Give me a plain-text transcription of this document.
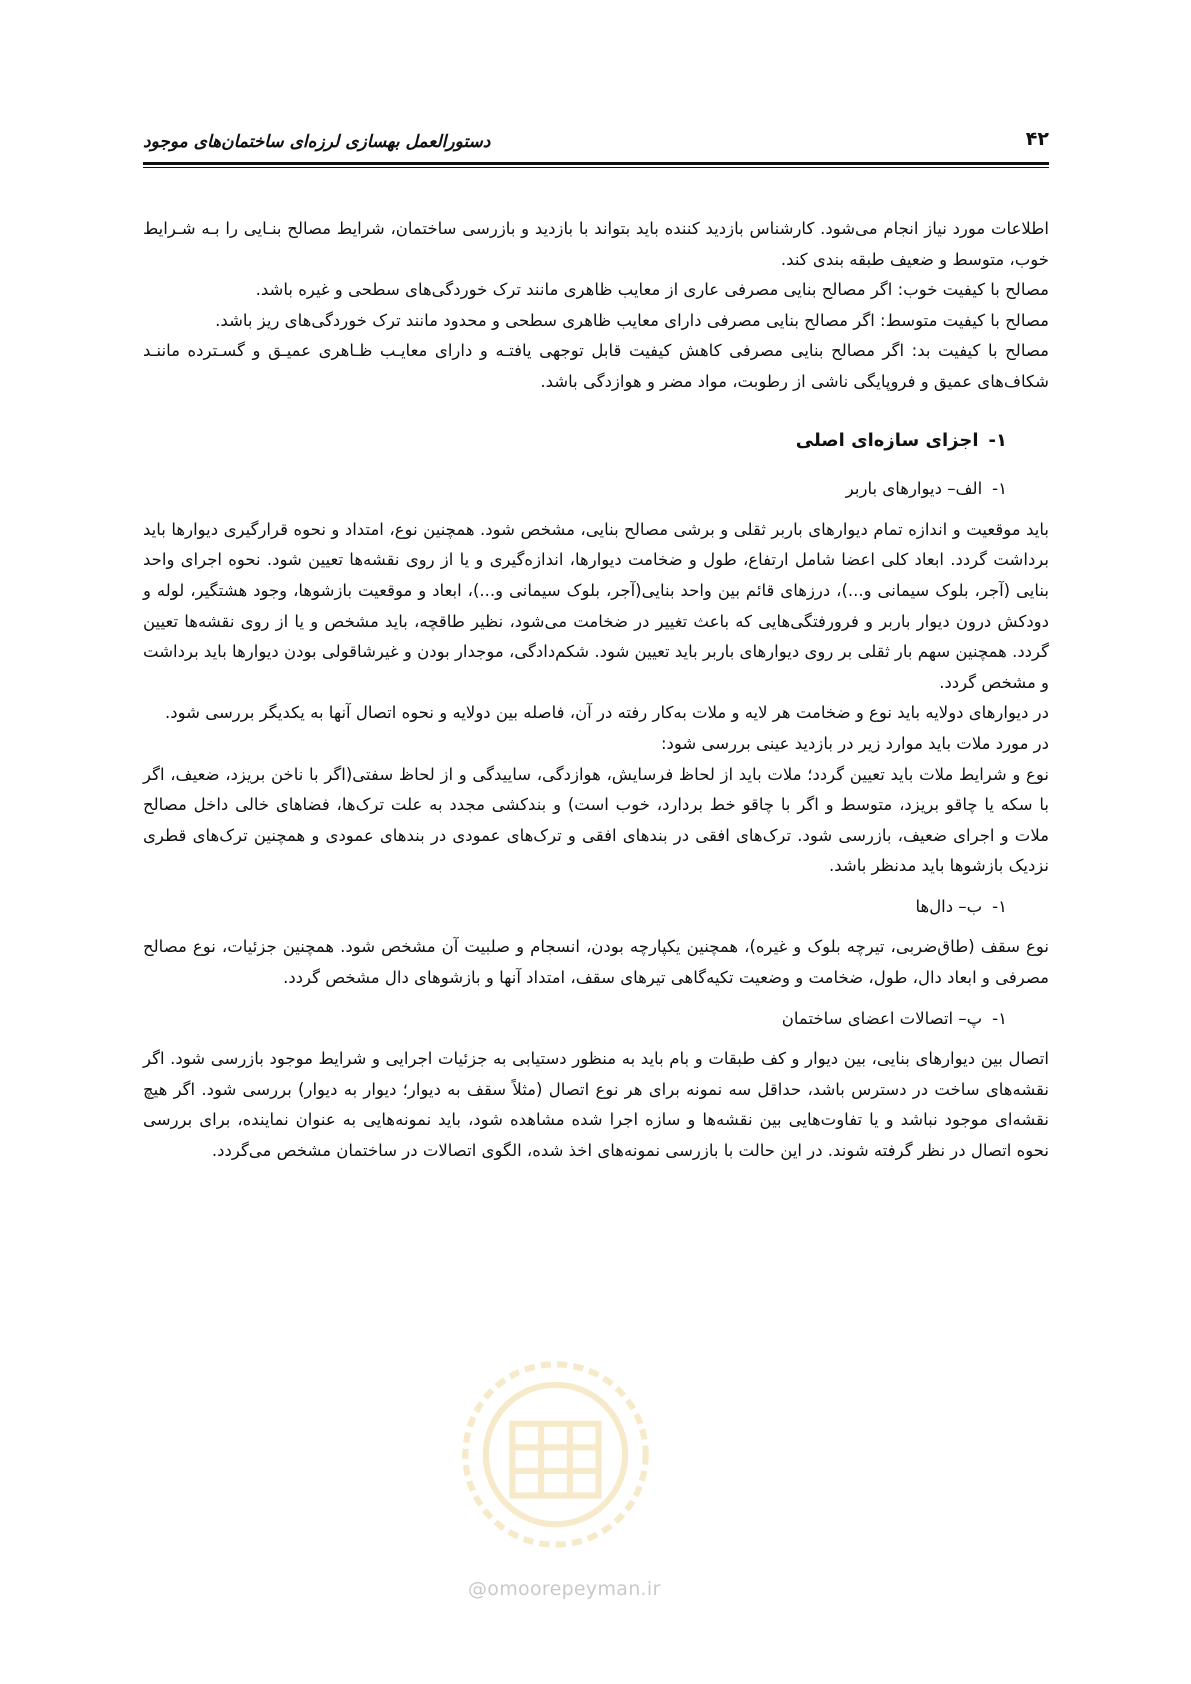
دستورالعمل بهسازی لرزه‌ای ساختمان‌های موجود	۴۲

اطلاعات مورد نیاز انجام می‌شود. کارشناس بازدید کننده باید بتواند با بازدید و بازرسی ساختمان، شرایط مصالح بنـایی را بـه شـرایط خوب، متوسط و ضعیف طبقه بندی کند.

مصالح با کیفیت خوب: اگر مصالح بنایی مصرفی عاری از معایب ظاهری مانند ترک خوردگی‌های سطحی و غیره باشد.

مصالح با کیفیت متوسط: اگر مصالح بنایی مصرفی دارای معایب ظاهری سطحی و محدود مانند ترک خوردگی‌های ریز باشد.

مصالح با کیفیت بد: اگر مصالح بنایی مصرفی کاهش کیفیت قابل توجهی یافتـه و دارای معایـب ظـاهری عمیـق و گسـترده ماننـد شکاف‌های عمیق و فروپایگی ناشی از رطوبت، مواد مضر و هوازدگی باشد.

۱-اجزای سازه‌ای اصلی

۱-الف– دیوارهای باربر

باید موقعیت و اندازه تمام دیوارهای باربر ثقلی و برشی مصالح بنایی، مشخص شود. همچنین نوع، امتداد و نحوه قرارگیری دیوارها باید برداشت گردد. ابعاد کلی اعضا شامل ارتفاع، طول و ضخامت دیوارها، اندازه‌گیری و یا از روی نقشه‌ها تعیین شود. نحوه اجرای واحد بنایی (آجر، بلوک سیمانی و...)، درزهای قائم بین واحد بنایی(آجر، بلوک سیمانی و...)، ابعاد و موقعیت بازشوها، وجود هشتگیر، لوله و دودکش درون دیوار باربر و فرورفتگی‌هایی که باعث تغییر در ضخامت می‌شود، نظیر طاقچه، باید مشخص و یا از روی نقشه‌ها تعیین گردد. همچنین سهم بار ثقلی بر روی دیوارهای باربر باید تعیین شود. شکم‌دادگی، موجدار بودن و غیرشاقولی بودن دیوارها باید برداشت و مشخص گردد.

در دیوارهای دولایه باید نوع و ضخامت هر لایه و ملات به‌کار رفته در آن، فاصله بین دولایه و نحوه اتصال آنها به یکدیگر بررسی شود.

در مورد ملات باید موارد زیر در بازدید عینی بررسی شود:

نوع و شرایط ملات باید تعیین گردد؛ ملات باید از لحاظ فرسایش، هوازدگی، ساییدگی و از لحاظ سفتی(اگر با ناخن بریزد، ضعیف، اگر با سکه یا چاقو بریزد، متوسط و اگر با چاقو خط بردارد، خوب است) و بندکشی مجدد به علت ترک‌ها، فضاهای خالی داخل مصالح ملات و اجرای ضعیف، بازرسی شود. ترک‌های افقی در بندهای افقی و ترک‌های عمودی در بندهای عمودی و همچنین ترک‌های قطری نزدیک بازشوها باید مدنظر باشد.

۱-ب– دال‌ها

نوع سقف (طاق‌ضربی، تیرچه بلوک و غیره)، همچنین یکپارچه بودن، انسجام و صلبیت آن مشخص شود. همچنین جزئیات، نوع مصالح مصرفی و ابعاد دال، طول، ضخامت و وضعیت تکیه‌گاهی تیرهای سقف، امتداد آنها و بازشوهای دال مشخص گردد.

۱-پ– اتصالات اعضای ساختمان

اتصال بین دیوارهای بنایی، بین دیوار و کف طبقات و بام باید به منظور دستیابی به جزئیات اجرایی و شرایط موجود بازرسی شود. اگر نقشه‌های ساخت در دسترس باشد، حداقل سه نمونه برای هر نوع اتصال (مثلاً سقف به دیوار؛ دیوار به دیوار) بررسی شود. اگر هیچ نقشه‌ای موجود نباشد و یا تفاوت‌هایی بین نقشه‌ها و سازه اجرا شده مشاهده شود، باید نمونه‌هایی به عنوان نماینده، برای بررسی نحوه اتصال در نظر گرفته شوند. در این حالت با بازرسی نمونه‌های اخذ شده، الگوی اتصالات در ساختمان مشخص می‌گردد.

@omoorepeyman.ir
